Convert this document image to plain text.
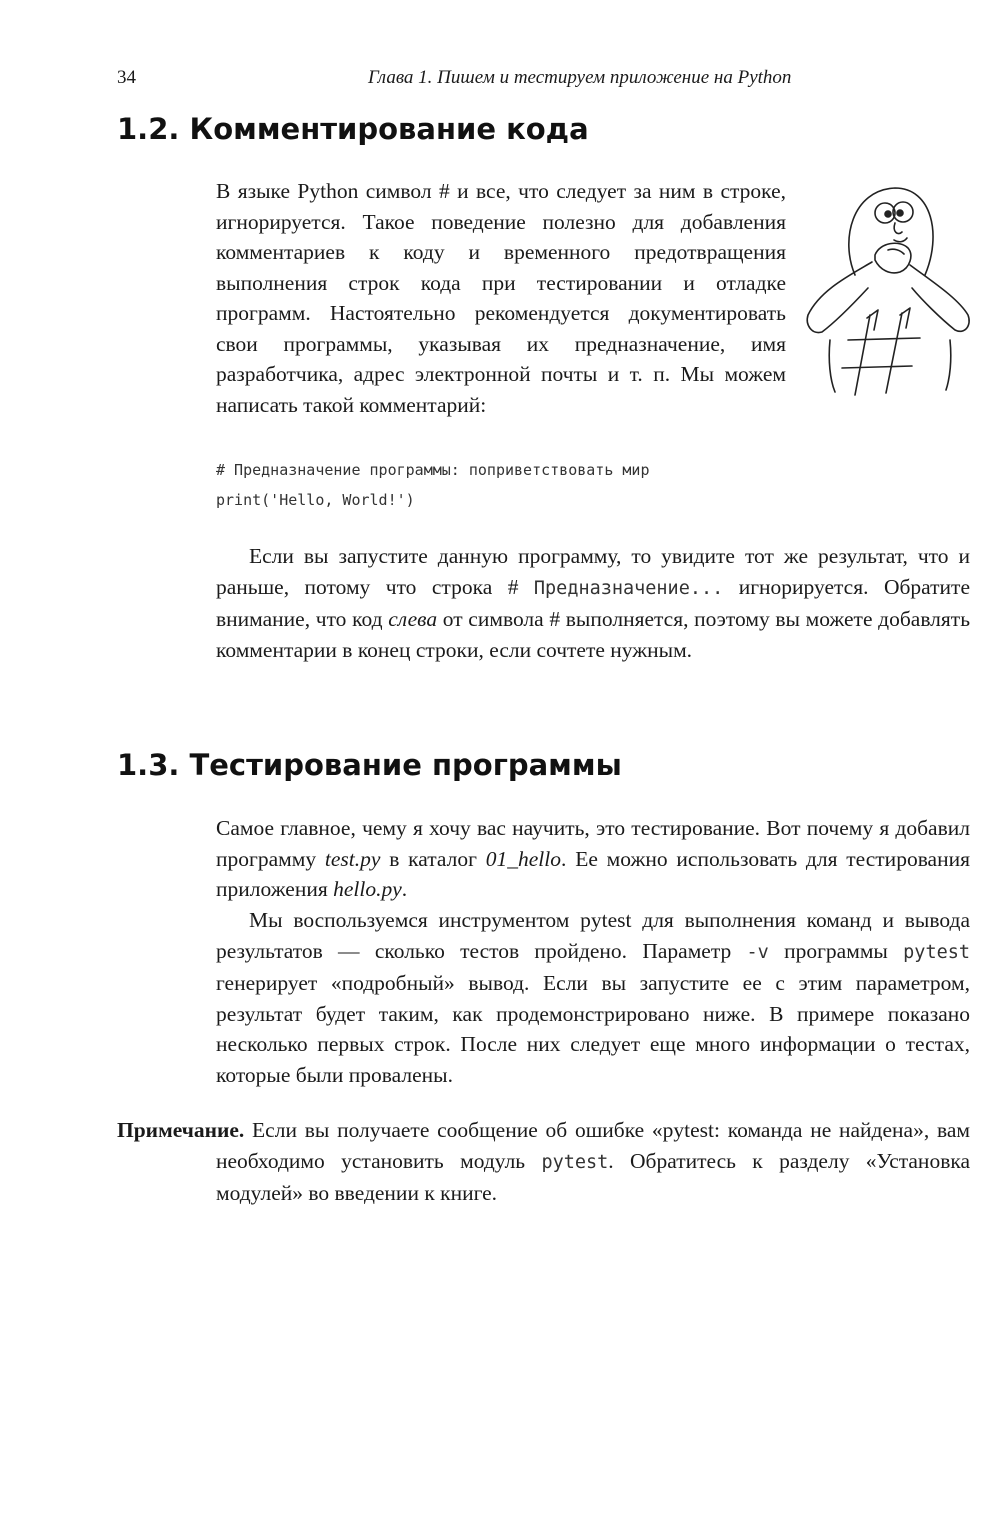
34	Глава 1. Пишем и тестируем приложение на Python
1.2. Комментирование кода

В языке Python символ # и все, что следует за ним в строке, игнорируется. Такое поведение полезно для добавления комментариев к коду и временного предотвращения выполнения строк кода при тестировании и отладке программ. Настоятельно рекомендуется документировать свои программы, указывая их предназначение, имя разработчика, адрес электронной почты и т. п. Мы можем написать такой комментарий:

# Предназначение программы: поприветствовать мир
print('Hello, World!')

Если вы запустите данную программу, то увидите тот же результат, что и раньше, потому что строка # Предназначение... игнорируется. Обратите внимание, что код слева от символа # выполняется, поэтому вы можете добавлять комментарии в конец строки, если сочтете нужным.

1.3. Тестирование программы

Самое главное, чему я хочу вас научить, это тестирование. Вот почему я добавил программу test.py в каталог 01_hello. Ее можно использовать для тестирования приложения hello.py.

Мы воспользуемся инструментом pytest для выполнения команд и вывода результатов — сколько тестов пройдено. Параметр -v программы pytest генерирует «подробный» вывод. Если вы запустите ее с этим параметром, результат будет таким, как продемонстрировано ниже. В примере показано несколько первых строк. После них следует еще много информации о тестах, которые были провалены.

Примечание. Если вы получаете сообщение об ошибке «pytest: команда не найдена», вам необходимо установить модуль pytest. Обратитесь к разделу «Установка модулей» во введении к книге.
